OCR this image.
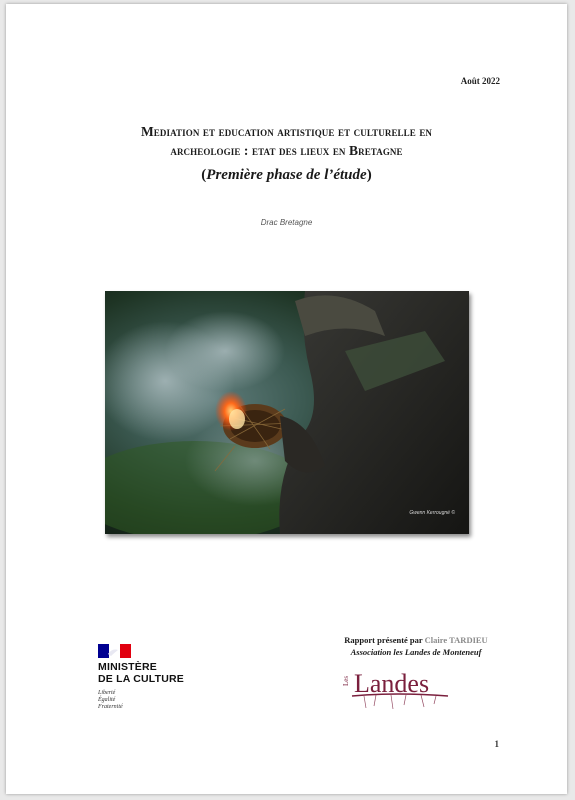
Août 2022
Mediation et education artistique et culturelle en
archeologie : etat des lieux en Bretagne
(Première phase de l’étude)
Drac Bretagne
Gwenn Kerrougné ©
MINISTÈRE
DE LA CULTURE
Liberté
Égalité
Fraternité
Rapport présenté par Claire TARDIEU
Association les Landes de Monteneuf
Les Landes
1
